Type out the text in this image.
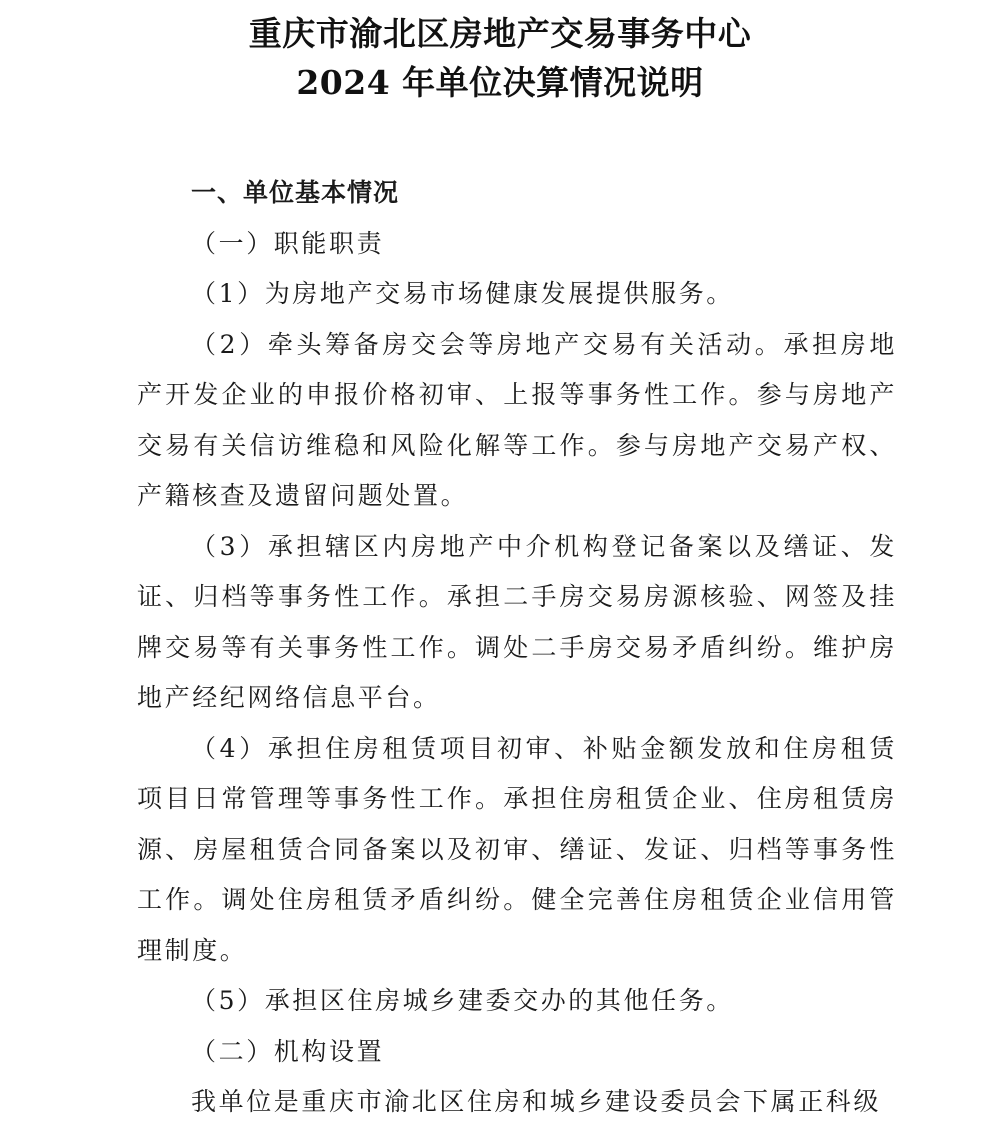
重庆市渝北区房地产交易事务中心
2024 年单位决算情况说明

一、单位基本情况

（一）职能职责

（1）为房地产交易市场健康发展提供服务。

（2）牵头筹备房交会等房地产交易有关活动。承担房地产开发企业的申报价格初审、上报等事务性工作。参与房地产交易有关信访维稳和风险化解等工作。参与房地产交易产权、产籍核查及遗留问题处置。

（3）承担辖区内房地产中介机构登记备案以及缮证、发证、归档等事务性工作。承担二手房交易房源核验、网签及挂牌交易等有关事务性工作。调处二手房交易矛盾纠纷。维护房地产经纪网络信息平台。

（4）承担住房租赁项目初审、补贴金额发放和住房租赁项目日常管理等事务性工作。承担住房租赁企业、住房租赁房源、房屋租赁合同备案以及初审、缮证、发证、归档等事务性工作。调处住房租赁矛盾纠纷。健全完善住房租赁企业信用管理制度。

（5）承担区住房城乡建委交办的其他任务。

（二）机构设置

我单位是重庆市渝北区住房和城乡建设委员会下属正科级
